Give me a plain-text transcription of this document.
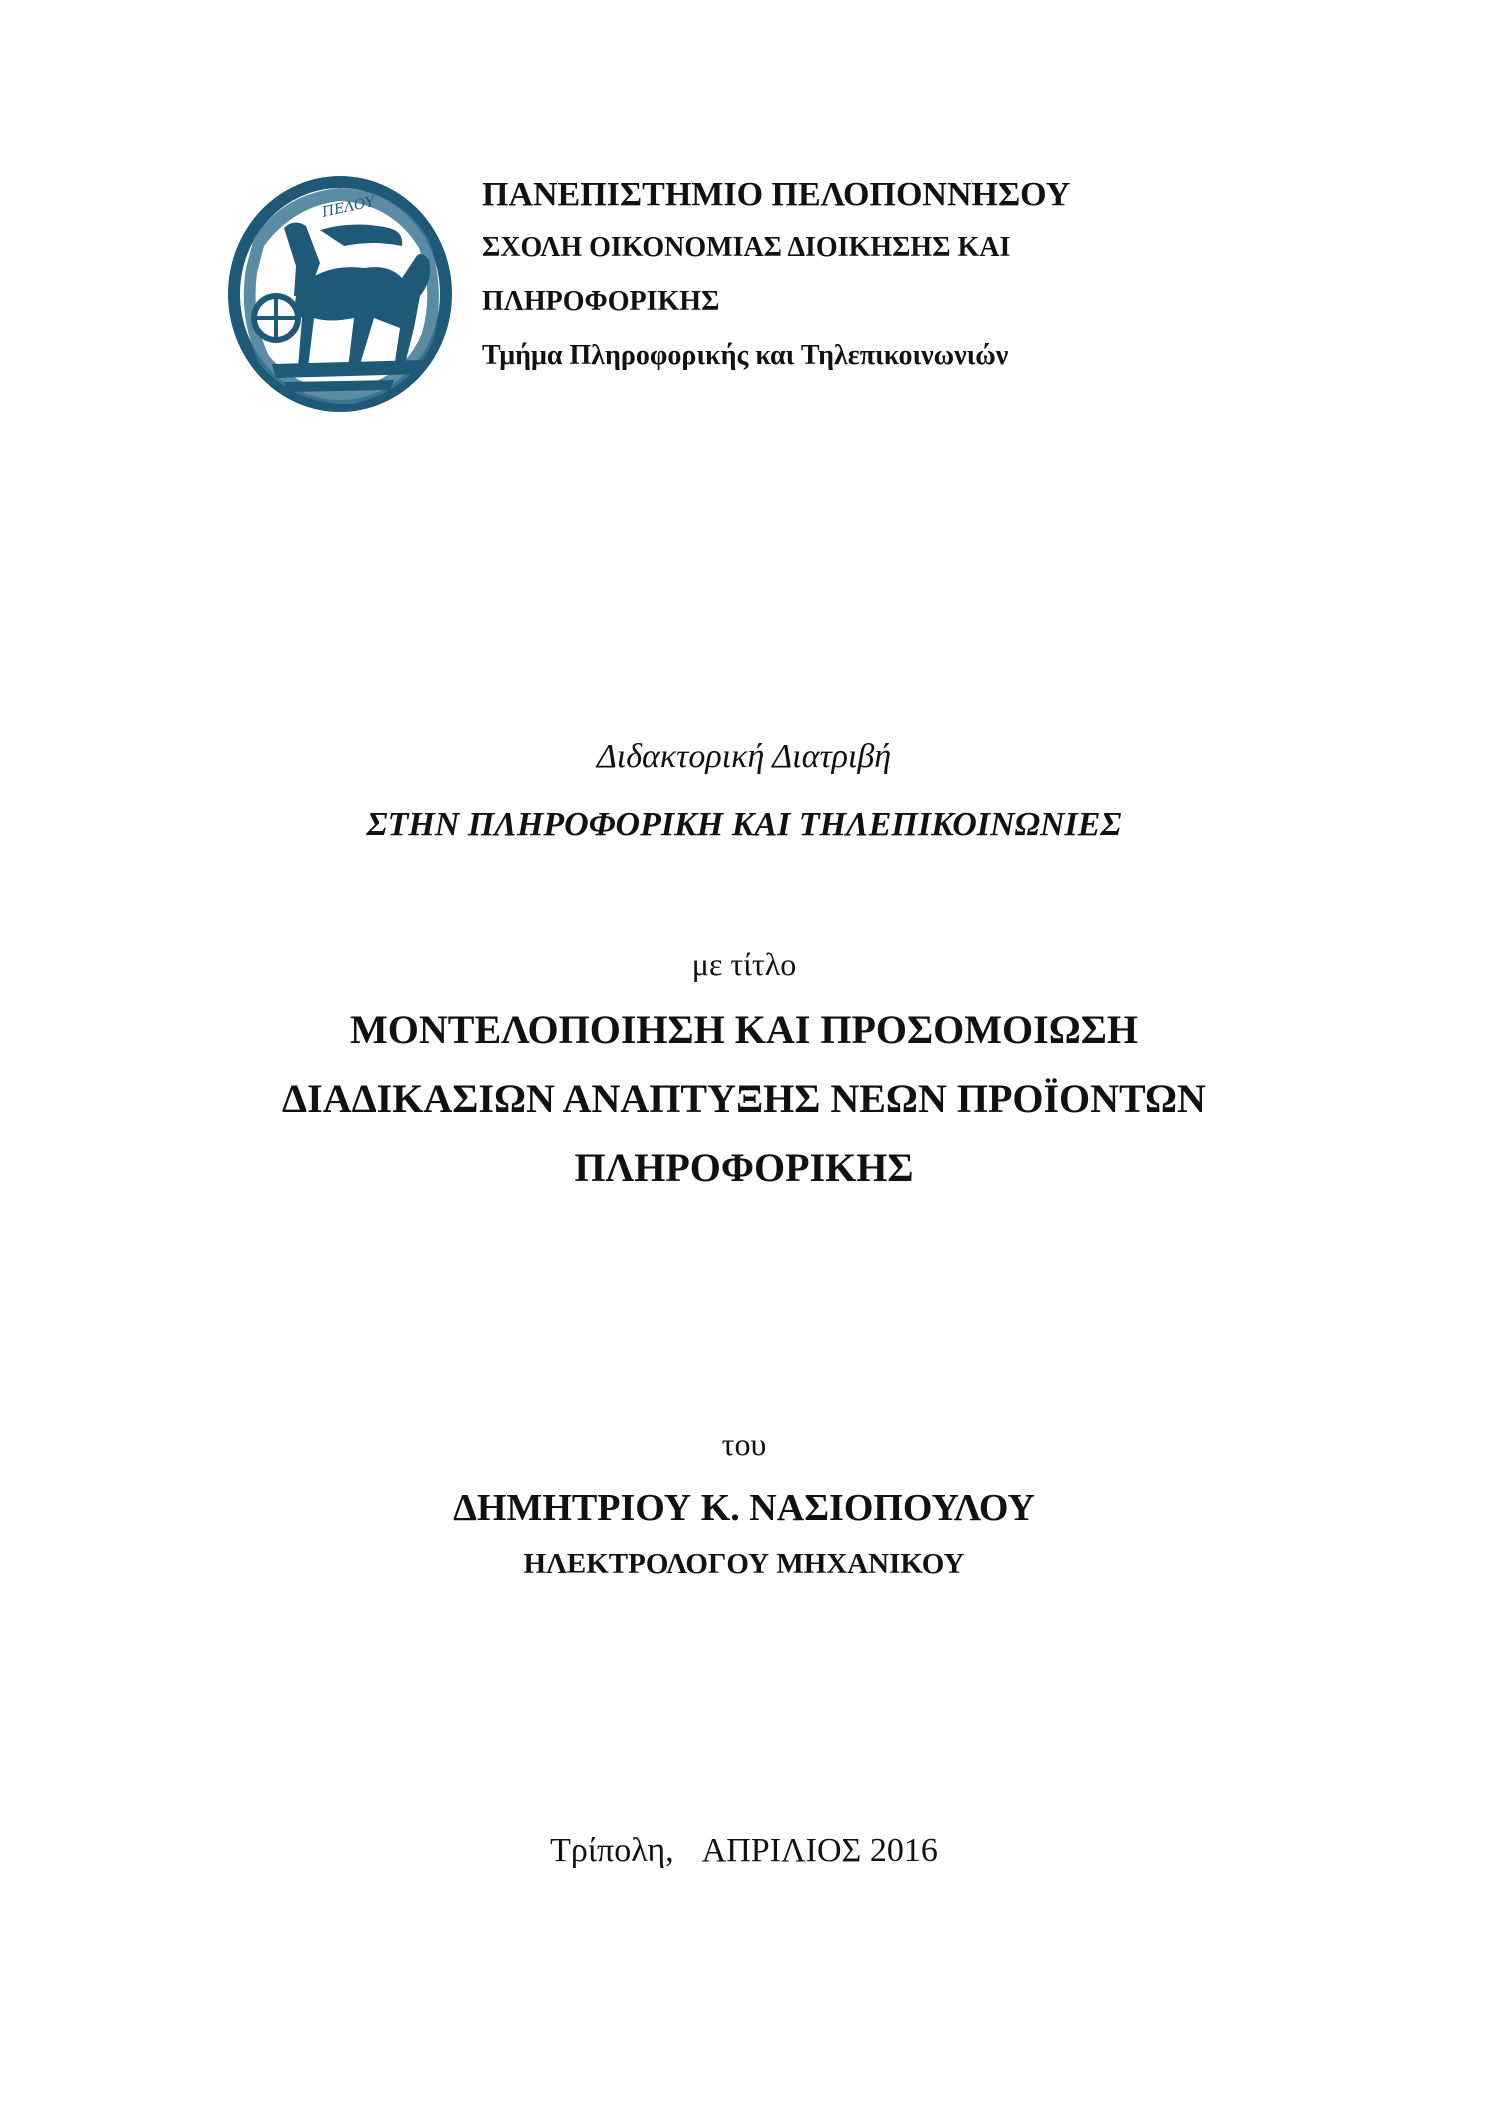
ΠΕΛΟΥ	ΠΑΝΕΠΙΣΤΗΜΙΟ ΠΕΛΟΠΟΝΝΗΣΟΥ

ΣΧΟΛΗ ΟΙΚΟΝΟΜΙΑΣ ΔΙΟΙΚΗΣΗΣ ΚΑΙ

ΠΛΗΡΟΦΟΡΙΚΗΣ

Τμήμα Πληροφορικής και Τηλεπικοινωνιών

Διδακτορική Διατριβή

ΣΤΗΝ ΠΛΗΡΟΦΟΡΙΚΗ ΚΑΙ ΤΗΛΕΠΙΚΟΙΝΩΝΙΕΣ

με τίτλο

ΜΟΝΤΕΛΟΠΟΙΗΣΗ ΚΑΙ ΠΡΟΣΟΜΟΙΩΣΗ

ΔΙΑΔΙΚΑΣΙΩΝ ΑΝΑΠΤΥΞΗΣ ΝΕΩΝ ΠΡΟΪΟΝΤΩΝ

ΠΛΗΡΟΦΟΡΙΚΗΣ

του

ΔΗΜΗΤΡΙΟΥ Κ. ΝΑΣΙΟΠΟΥΛΟΥ

ΗΛΕΚΤΡΟΛΟΓΟΥ ΜΗΧΑΝΙΚΟΥ

Τρίπολη, ΑΠΡΙΛΙΟΣ 2016
